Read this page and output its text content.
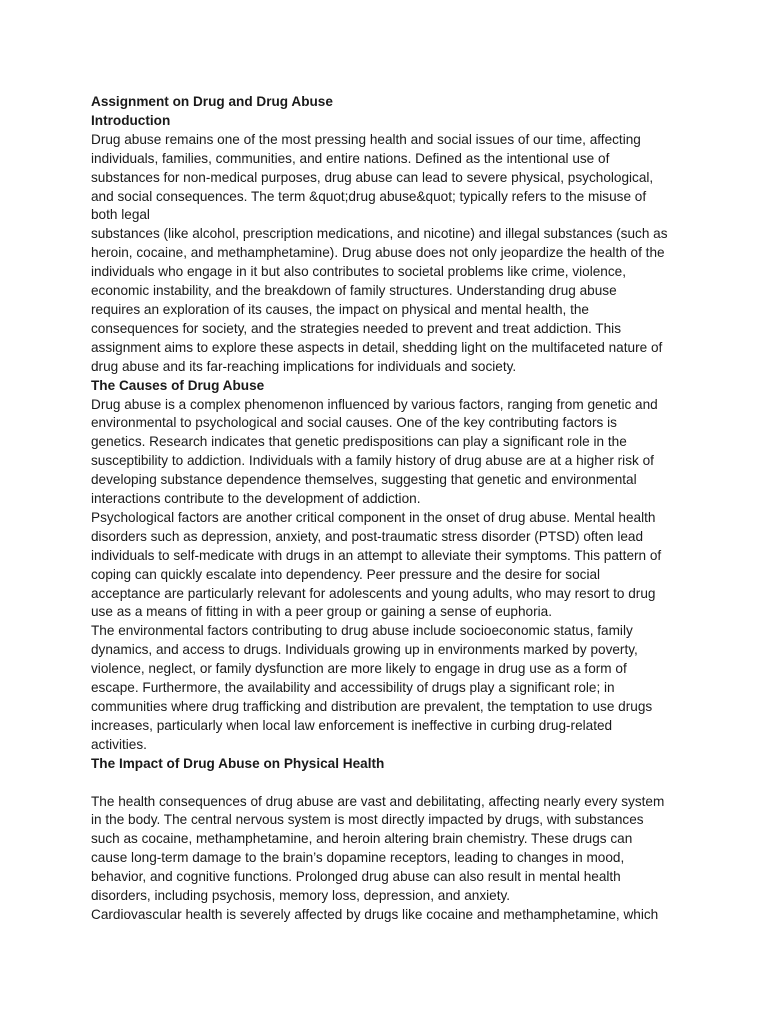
Assignment on Drug and Drug Abuse
Introduction
Drug abuse remains one of the most pressing health and social issues of our time, affecting
individuals, families, communities, and entire nations. Defined as the intentional use of
substances for non-medical purposes, drug abuse can lead to severe physical, psychological,
and social consequences. The term &quot;drug abuse&quot; typically refers to the misuse of
both legal
substances (like alcohol, prescription medications, and nicotine) and illegal substances (such as
heroin, cocaine, and methamphetamine). Drug abuse does not only jeopardize the health of the
individuals who engage in it but also contributes to societal problems like crime, violence,
economic instability, and the breakdown of family structures. Understanding drug abuse
requires an exploration of its causes, the impact on physical and mental health, the
consequences for society, and the strategies needed to prevent and treat addiction. This
assignment aims to explore these aspects in detail, shedding light on the multifaceted nature of
drug abuse and its far-reaching implications for individuals and society.
The Causes of Drug Abuse
Drug abuse is a complex phenomenon influenced by various factors, ranging from genetic and
environmental to psychological and social causes. One of the key contributing factors is
genetics. Research indicates that genetic predispositions can play a significant role in the
susceptibility to addiction. Individuals with a family history of drug abuse are at a higher risk of
developing substance dependence themselves, suggesting that genetic and environmental
interactions contribute to the development of addiction.
Psychological factors are another critical component in the onset of drug abuse. Mental health
disorders such as depression, anxiety, and post-traumatic stress disorder (PTSD) often lead
individuals to self-medicate with drugs in an attempt to alleviate their symptoms. This pattern of
coping can quickly escalate into dependency. Peer pressure and the desire for social
acceptance are particularly relevant for adolescents and young adults, who may resort to drug
use as a means of fitting in with a peer group or gaining a sense of euphoria.
The environmental factors contributing to drug abuse include socioeconomic status, family
dynamics, and access to drugs. Individuals growing up in environments marked by poverty,
violence, neglect, or family dysfunction are more likely to engage in drug use as a form of
escape. Furthermore, the availability and accessibility of drugs play a significant role; in
communities where drug trafficking and distribution are prevalent, the temptation to use drugs
increases, particularly when local law enforcement is ineffective in curbing drug-related
activities.
The Impact of Drug Abuse on Physical Health
The health consequences of drug abuse are vast and debilitating, affecting nearly every system
in the body. The central nervous system is most directly impacted by drugs, with substances
such as cocaine, methamphetamine, and heroin altering brain chemistry. These drugs can
cause long-term damage to the brain’s dopamine receptors, leading to changes in mood,
behavior, and cognitive functions. Prolonged drug abuse can also result in mental health
disorders, including psychosis, memory loss, depression, and anxiety.
Cardiovascular health is severely affected by drugs like cocaine and methamphetamine, which
